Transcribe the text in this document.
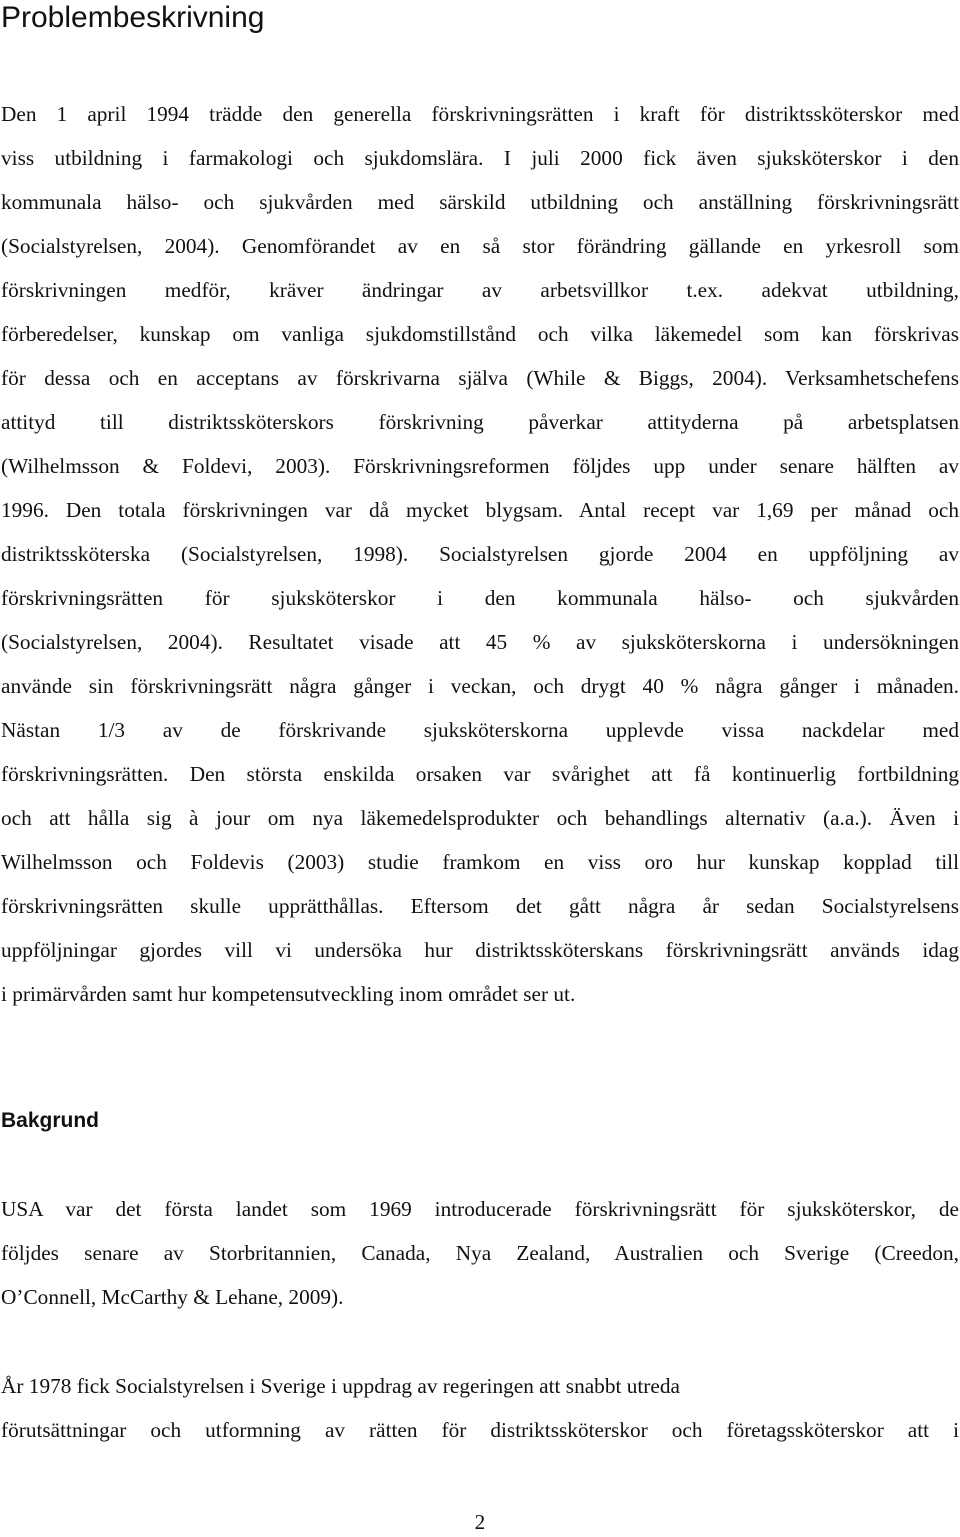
Problembeskrivning
Den 1 april 1994 trädde den generella förskrivningsrätten i kraft för distriktssköterskor med
viss utbildning i farmakologi och sjukdomslära. I juli 2000 fick även sjuksköterskor i den
kommunala hälso- och sjukvården med särskild utbildning och anställning förskrivningsrätt
(Socialstyrelsen, 2004). Genomförandet av en så stor förändring gällande en yrkesroll som
förskrivningen medför, kräver ändringar av arbetsvillkor t.ex. adekvat utbildning,
förberedelser, kunskap om vanliga sjukdomstillstånd och vilka läkemedel som kan förskrivas
för dessa och en acceptans av förskrivarna själva (While & Biggs, 2004). Verksamhetschefens
attityd till distriktssköterskors förskrivning påverkar attityderna på arbetsplatsen
(Wilhelmsson & Foldevi, 2003). Förskrivningsreformen följdes upp under senare hälften av
1996. Den totala förskrivningen var då mycket blygsam. Antal recept var 1,69 per månad och
distriktssköterska (Socialstyrelsen, 1998). Socialstyrelsen gjorde 2004 en uppföljning av
förskrivningsrätten för sjuksköterskor i den kommunala hälso- och sjukvården
(Socialstyrelsen, 2004). Resultatet visade att 45 % av sjuksköterskorna i undersökningen
använde sin förskrivningsrätt några gånger i veckan, och drygt 40 % några gånger i månaden.
Nästan 1/3 av de förskrivande sjuksköterskorna upplevde vissa nackdelar med
förskrivningsrätten. Den största enskilda orsaken var svårighet att få kontinuerlig fortbildning
och att hålla sig à jour om nya läkemedelsprodukter och behandlings alternativ (a.a.). Även i
Wilhelmsson och Foldevis (2003) studie framkom en viss oro hur kunskap kopplad till
förskrivningsrätten skulle upprätthållas. Eftersom det gått några år sedan Socialstyrelsens
uppföljningar gjordes vill vi undersöka hur distriktssköterskans förskrivningsrätt används idag
i primärvården samt hur kompetensutveckling inom området ser ut.
Bakgrund
USA var det första landet som 1969 introducerade förskrivningsrätt för sjuksköterskor, de
följdes senare av Storbritannien, Canada, Nya Zealand, Australien och Sverige (Creedon,
O’Connell, McCarthy & Lehane, 2009).
År 1978 fick Socialstyrelsen i Sverige i uppdrag av regeringen att snabbt utreda
förutsättningar och utformning av rätten för distriktssköterskor och företagssköterskor att i
2
